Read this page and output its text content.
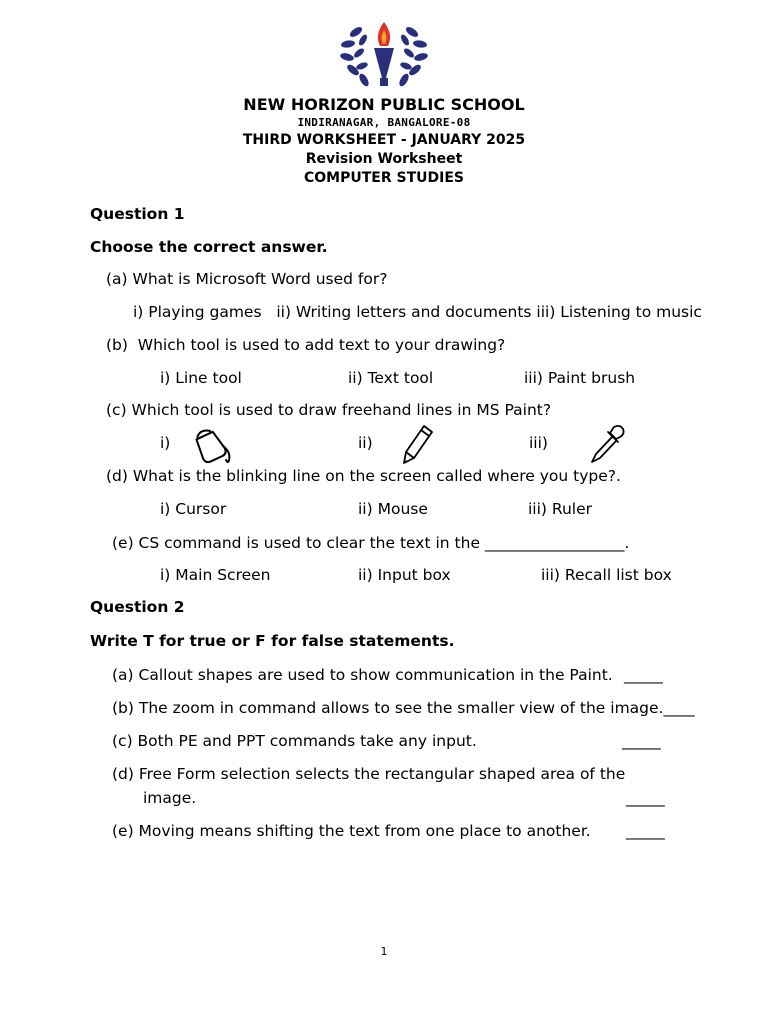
NEW HORIZON PUBLIC SCHOOL
INDIRANAGAR, BANGALORE-08
THIRD WORKSHEET - JANUARY 2025
Revision Worksheet
COMPUTER STUDIES
Question 1
Choose the correct answer.
(a) What is Microsoft Word used for?
i) Playing games   ii) Writing letters and documents iii) Listening to music
(b)  Which tool is used to add text to your drawing?
i) Line tool	ii) Text tool	iii) Paint brush
(c) Which tool is used to draw freehand lines in MS Paint?
i)	ii)	iii)
(d) What is the blinking line on the screen called where you type?.
i) Cursor	ii) Mouse	iii) Ruler
(e) CS command is used to clear the text in the __________________.
i) Main Screen	ii) Input box	iii) Recall list box
Question 2
Write T for true or F for false statements.
(a) Callout shapes are used to show communication in the Paint. _____
(b) The zoom in command allows to see the smaller view of the image.____
(c) Both PE and PPT commands take any input.	_____
(d) Free Form selection selects the rectangular shaped area of the
image.	_____
(e) Moving means shifting the text from one place to another. _____
1
